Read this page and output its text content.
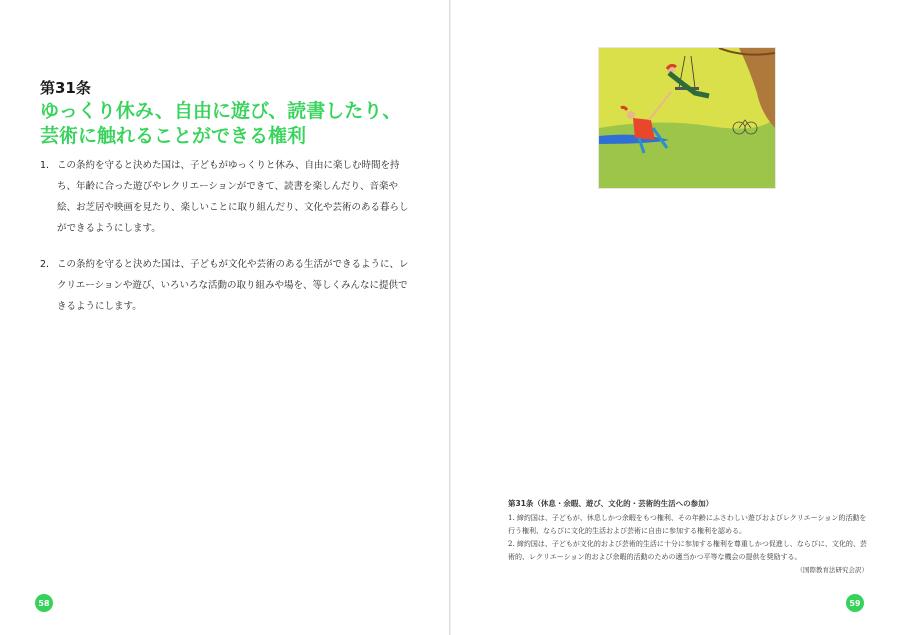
第31条
ゆっくり休み、自由に遊び、読書したり、
芸術に触れることができる権利
1. この条約を守ると決めた国は、子どもがゆっくりと休み、自由に楽しむ時間を持ち、年齢に合った遊びやレクリエーションができて、読書を楽しんだり、音楽や絵、お芝居や映画を見たり、楽しいことに取り組んだり、文化や芸術のある暮らしができるようにします。
2. この条約を守ると決めた国は、子どもが文化や芸術のある生活ができるように、レクリエーションや遊び、いろいろな活動の取り組みや場を、等しくみんなに提供できるようにします。
58
第31条（休息・余暇、遊び、文化的・芸術的生活への参加）

1. 締約国は、子どもが、休息しかつ余暇をもつ権利、その年齢にふさわしい遊びおよびレクリエーション的活動を行う権利、ならびに文化的生活および芸術に自由に参加する権利を認める。

2. 締約国は、子どもが文化的および芸術的生活に十分に参加する権利を尊重しかつ促進し、ならびに、文化的、芸術的、レクリエーション的および余暇的活動のための適当かつ平等な機会の提供を奨励する。

（国際教育法研究会訳）
59
